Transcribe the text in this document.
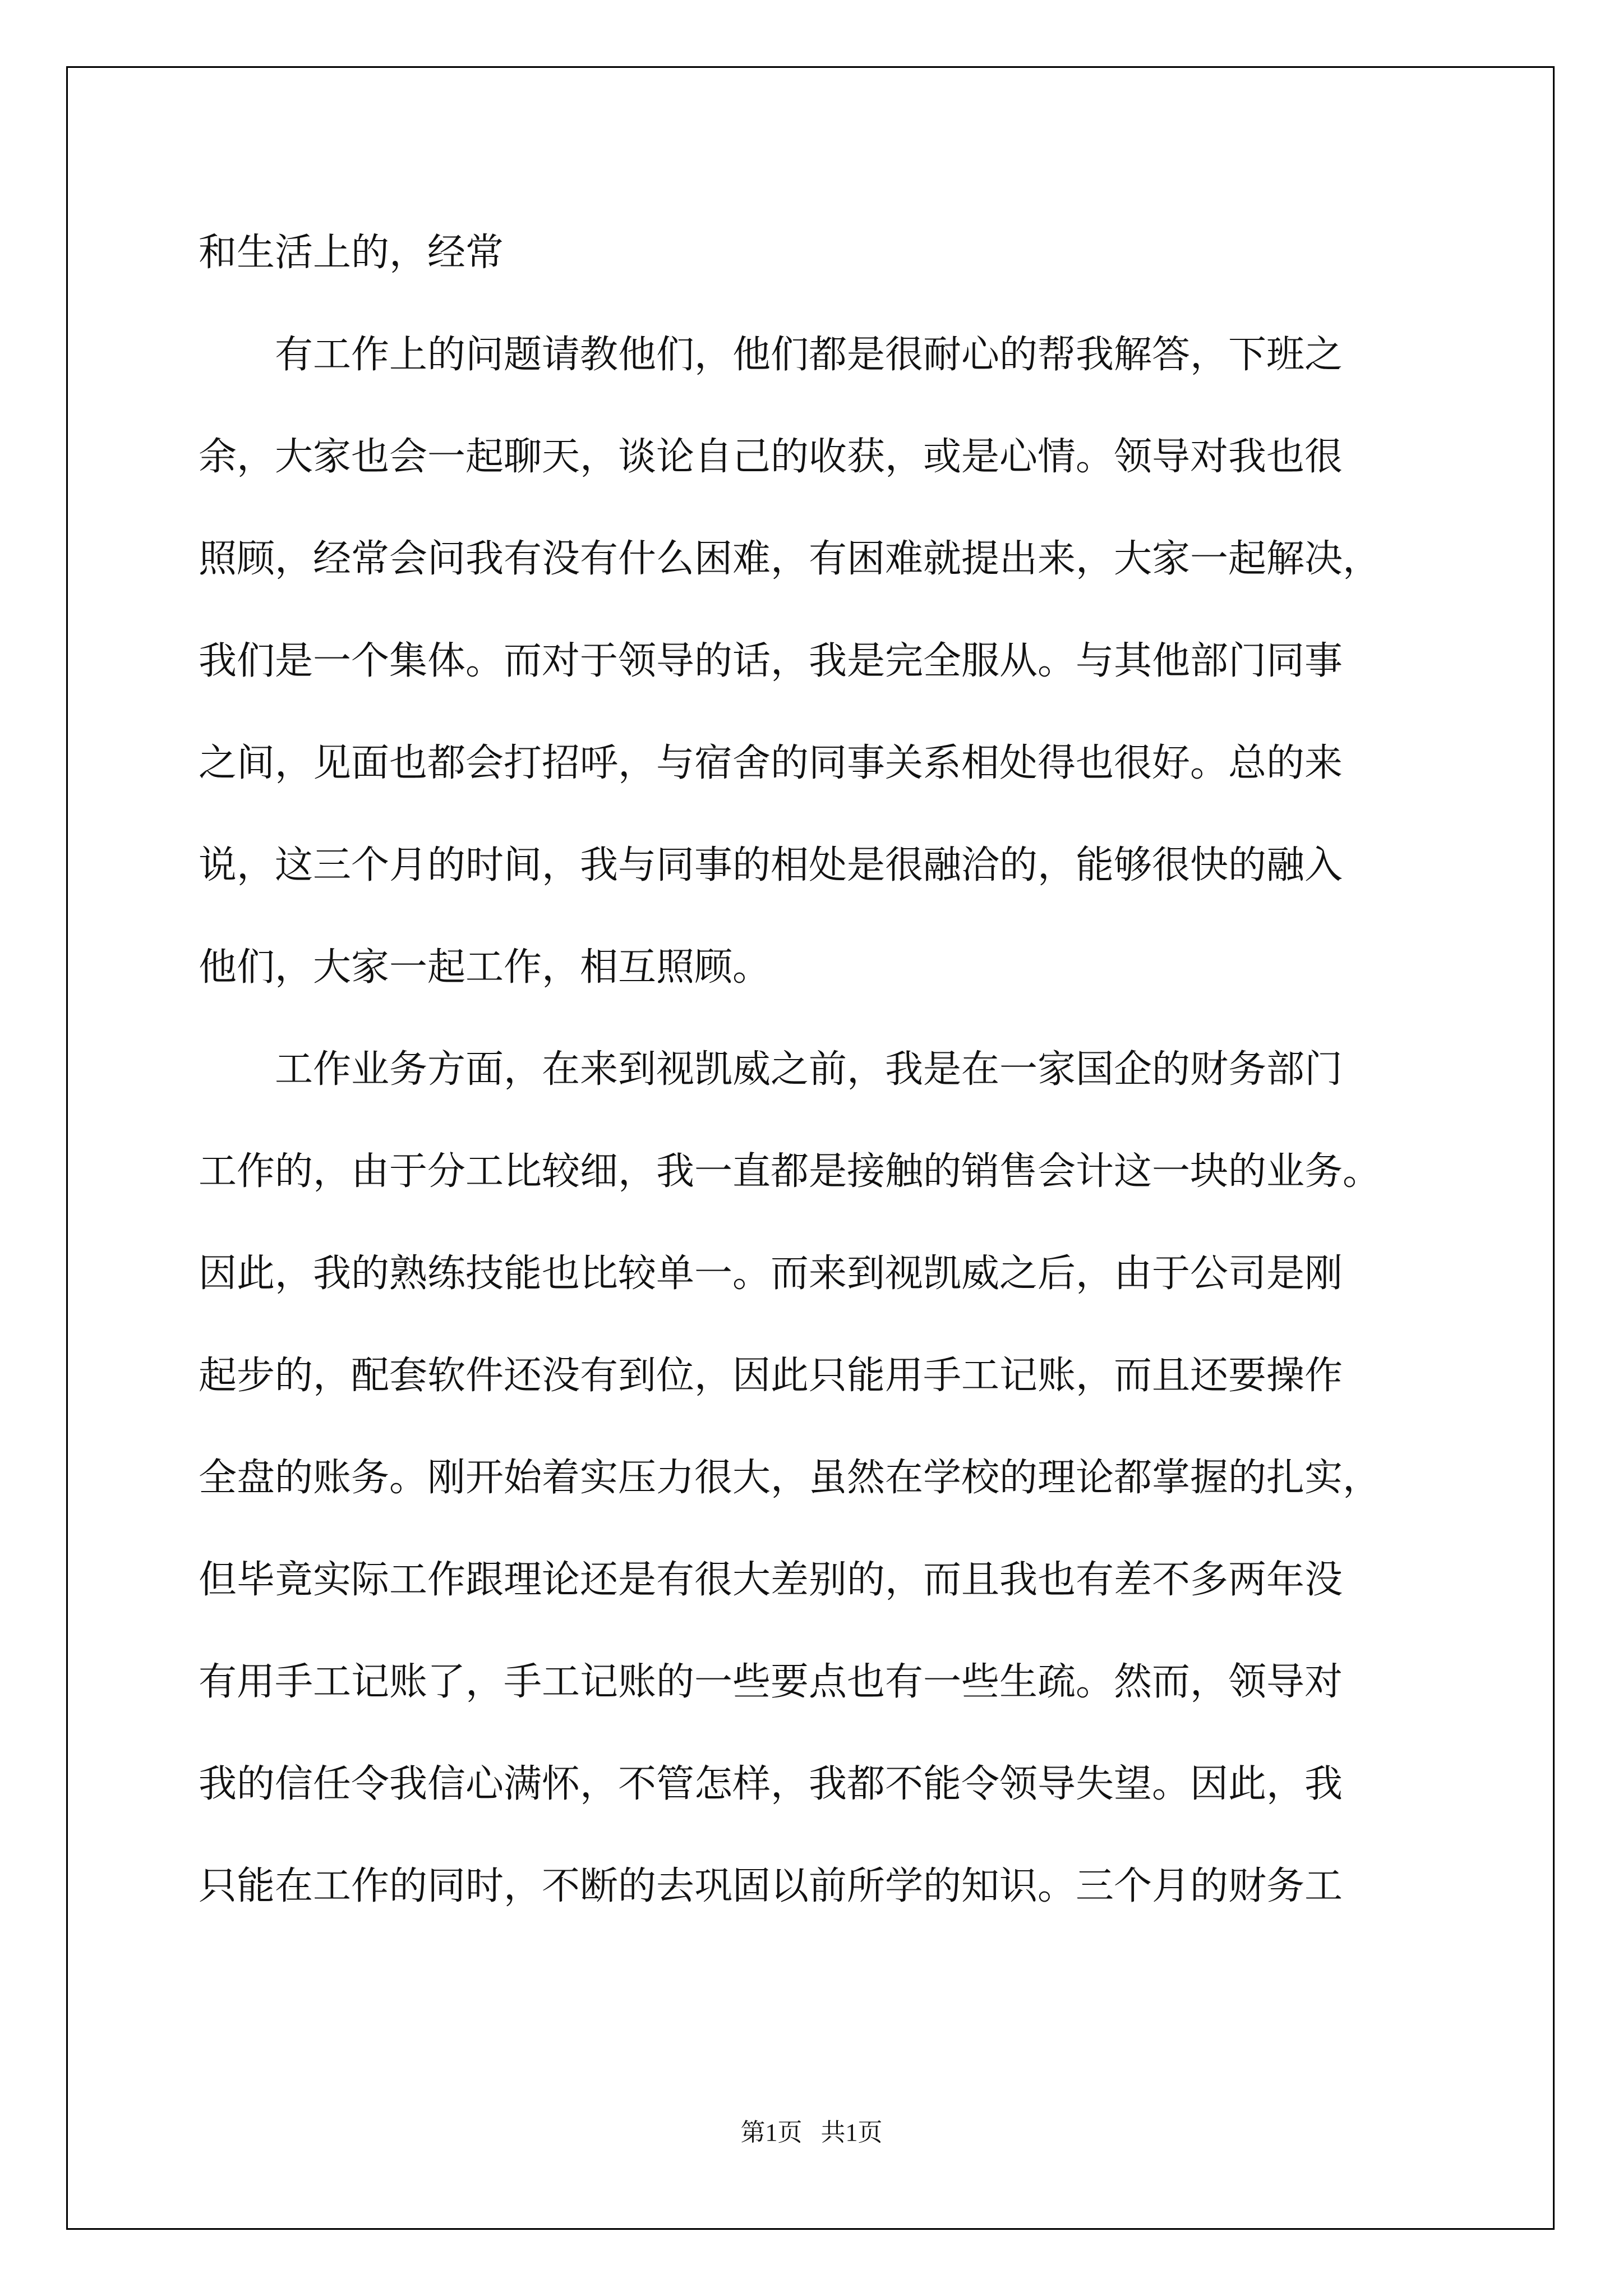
和生活上的，经常

有工作上的问题请教他们，他们都是很耐心的帮我解答，下班之

余，大家也会一起聊天，谈论自己的收获，或是心情。领导对我也很

照顾，经常会问我有没有什么困难，有困难就提出来，大家一起解决，

我们是一个集体。而对于领导的话，我是完全服从。与其他部门同事

之间，见面也都会打招呼，与宿舍的同事关系相处得也很好。总的来

说，这三个月的时间，我与同事的相处是很融洽的，能够很快的融入

他们，大家一起工作，相互照顾。

工作业务方面，在来到视凯威之前，我是在一家国企的财务部门

工作的，由于分工比较细，我一直都是接触的销售会计这一块的业务。

因此，我的熟练技能也比较单一。而来到视凯威之后，由于公司是刚

起步的，配套软件还没有到位，因此只能用手工记账，而且还要操作

全盘的账务。刚开始着实压力很大，虽然在学校的理论都掌握的扎实，

但毕竟实际工作跟理论还是有很大差别的，而且我也有差不多两年没

有用手工记账了，手工记账的一些要点也有一些生疏。然而，领导对

我的信任令我信心满怀，不管怎样，我都不能令领导失望。因此，我

只能在工作的同时，不断的去巩固以前所学的知识。三个月的财务工

第1页   共1页
